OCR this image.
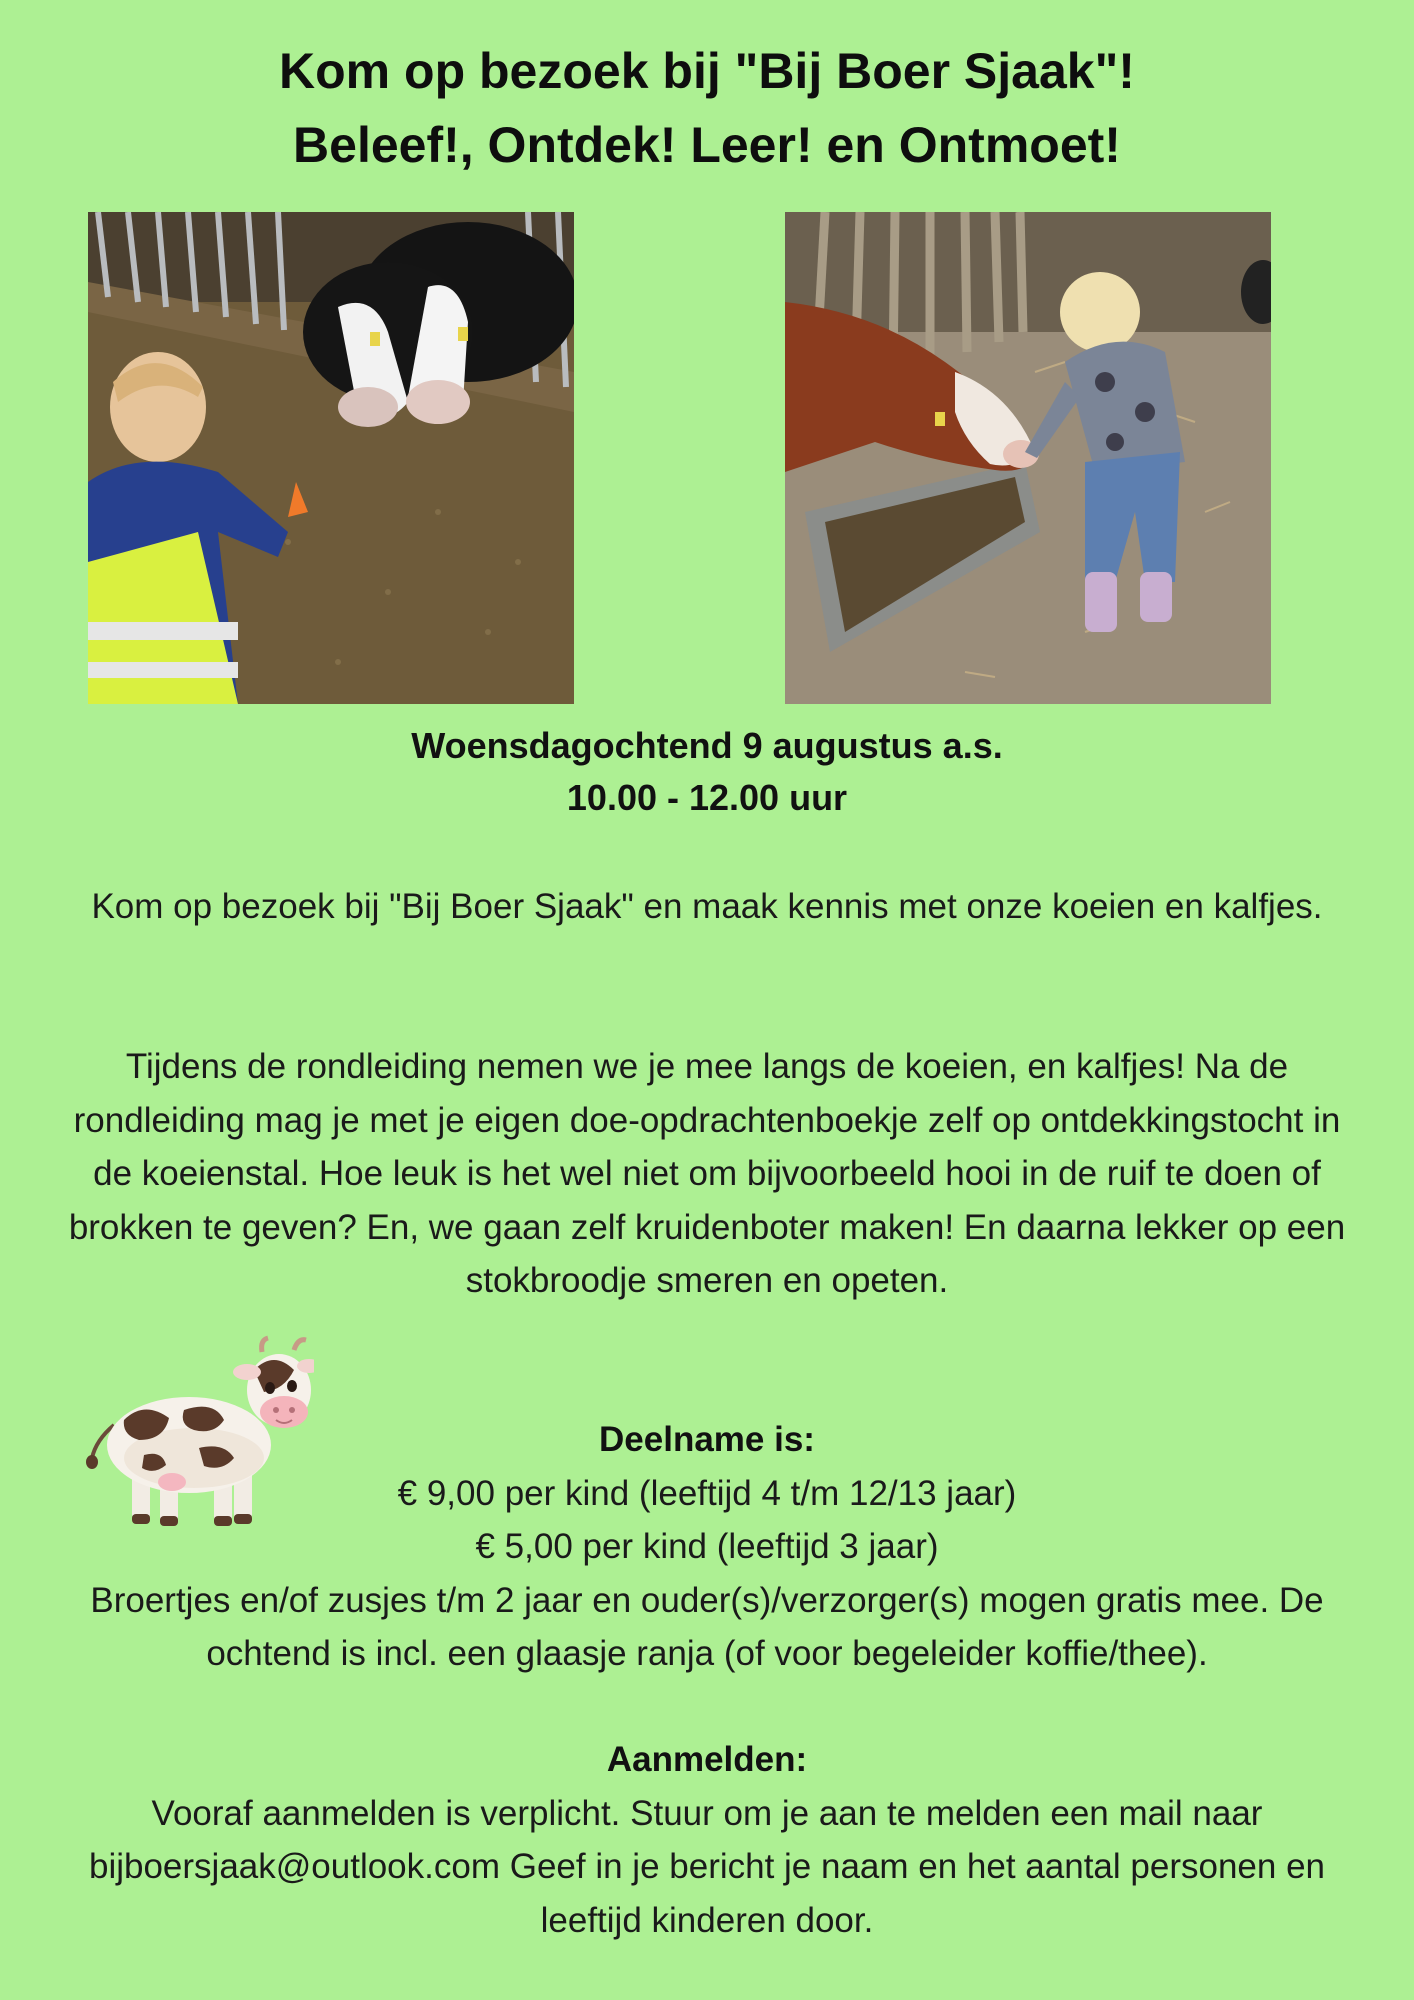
Kom op bezoek bij "Bij Boer Sjaak"!
Beleef!, Ontdek! Leer! en Ontmoet!
Woensdagochtend 9 augustus a.s.
10.00 - 12.00 uur

Kom op bezoek bij "Bij Boer Sjaak" en maak kennis met onze koeien en kalfjes.

Tijdens de rondleiding nemen we je mee langs de koeien, en kalfjes! Na de rondleiding mag je met je eigen doe-opdrachtenboekje zelf op ontdekkingstocht in de koeienstal. Hoe leuk is het wel niet om bijvoorbeeld hooi in de ruif te doen of brokken te geven? En, we gaan zelf kruidenboter maken! En daarna lekker op een stokbroodje smeren en opeten.

Deelname is:
€ 9,00 per kind (leeftijd 4 t/m 12/13 jaar)
€ 5,00 per kind (leeftijd 3 jaar)
Broertjes en/of zusjes t/m 2 jaar en ouder(s)/verzorger(s) mogen gratis mee. De ochtend is incl. een glaasje ranja (of voor begeleider koffie/thee).
Aanmelden:
Vooraf aanmelden is verplicht. Stuur om je aan te melden een mail naar bijboersjaak@outlook.com Geef in je bericht je naam en het aantal personen en leeftijd kinderen door.
